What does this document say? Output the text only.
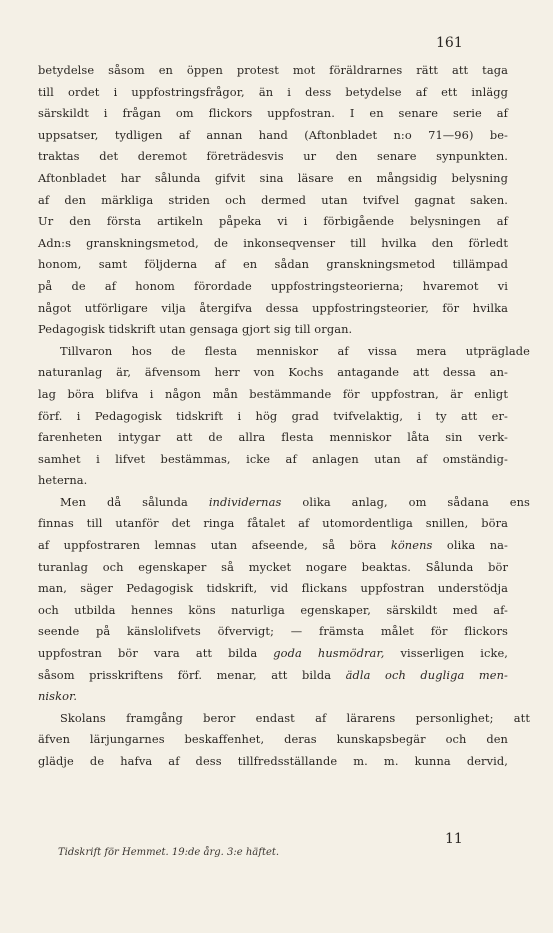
161
betydelse såsom en öppen protest mot föräldrarnes rätt att taga
till ordet i uppfostringsfrågor, än i dess betydelse af ett inlägg
särskildt i frågan om flickors uppfostran. I en senare serie af
uppsatser, tydligen af annan hand (Aftonbladet n:o 71—96) be-
traktas det deremot företrädesvis ur den senare synpunkten.
Aftonbladet har sålunda gifvit sina läsare en mångsidig belysning
af den märkliga striden och dermed utan tvifvel gagnat saken.
Ur den första artikeln påpeka vi i förbigående belysningen af
Adn:s granskningsmetod, de inkonseqvenser till hvilka den förledt
honom, samt följderna af en sådan granskningsmetod tillämpad
på de af honom förordade uppfostringsteorierna; hvaremot vi
något utförligare vilja återgifva dessa uppfostringsteorier, för hvilka
Pedagogisk tidskrift utan gensaga gjort sig till organ.
Tillvaron hos de flesta menniskor af vissa mera utpräglade
naturanlag är, äfvensom herr von Kochs antagande att dessa an-
lag böra blifva i någon mån bestämmande för uppfostran, är enligt
förf. i Pedagogisk tidskrift i hög grad tvifvelaktig, i ty att er-
farenheten intygar att de allra flesta menniskor låta sin verk-
samhet i lifvet bestämmas, icke af anlagen utan af omständig-
heterna.
Men då sålunda individernas olika anlag, om sådana ens
finnas till utanför det ringa fåtalet af utomordentliga snillen, böra
af uppfostraren lemnas utan afseende, så böra könens olika na-
turanlag och egenskaper så mycket nogare beaktas. Sålunda bör
man, säger Pedagogisk tidskrift, vid flickans uppfostran understödja
och utbilda hennes köns naturliga egenskaper, särskildt med af-
seende på känslolifvets öfvervigt; — främsta målet för flickors
uppfostran bör vara att bilda goda husmödrar, visserligen icke,
såsom prisskriftens förf. menar, att bilda ädla och dugliga men-
niskor.
Skolans framgång beror endast af lärarens personlighet; att
äfven lärjungarnes beskaffenhet, deras kunskapsbegär och den
glädje de hafva af dess tillfredsställande m. m. kunna dervid,
11
Tidskrift för Hemmet. 19:de årg. 3:e häftet.
